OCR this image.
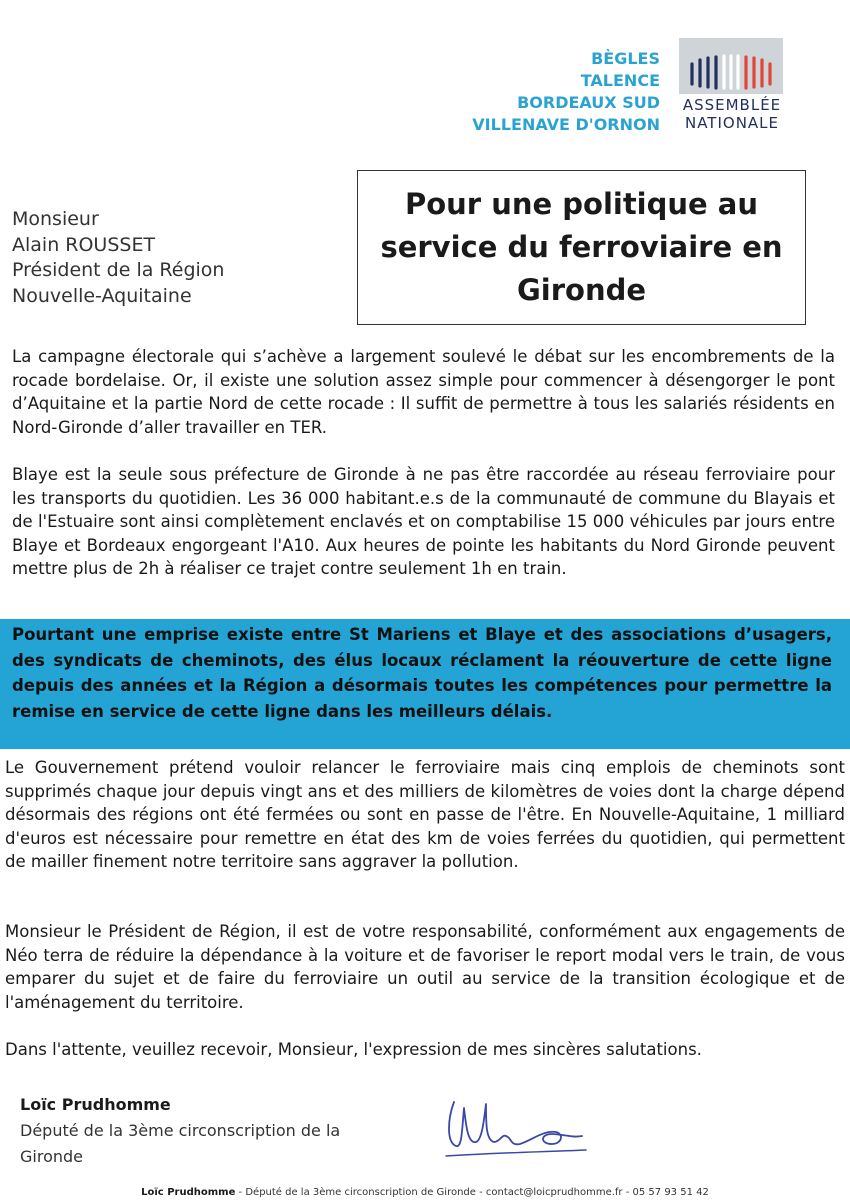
BÈGLES
TALENCE
BORDEAUX SUD
VILLENAVE D'ORNON
ASSEMBLÉE
NATIONALE
Monsieur
Alain ROUSSET
Président de la Région
Nouvelle-Aquitaine
Pour une politique au service du ferroviaire en Gironde

La campagne électorale qui s’achève a largement soulevé le débat sur les encombrements de la rocade bordelaise. Or, il existe une solution assez simple pour commencer à désengorger le pont d’Aquitaine et la partie Nord de cette rocade : Il suffit de permettre à tous les salariés résidents en Nord-Gironde d’aller travailler en TER.

Blaye est la seule sous préfecture de Gironde à ne pas être raccordée au réseau ferroviaire pour les transports du quotidien. Les 36 000 habitant.e.s de la communauté de commune du Blayais et de l'Estuaire sont ainsi complètement enclavés et on comptabilise 15 000 véhicules par jours entre Blaye et Bordeaux engorgeant l'A10. Aux heures de pointe les habitants du Nord Gironde peuvent mettre plus de 2h à réaliser ce trajet contre seulement 1h en train.

Pourtant une emprise existe entre St Mariens et Blaye et des associations d’usagers, des syndicats de cheminots, des élus locaux réclament la réouverture de cette ligne depuis des années et la Région a désormais toutes les compétences pour permettre la remise en service de cette ligne dans les meilleurs délais.

Le Gouvernement prétend vouloir relancer le ferroviaire mais cinq emplois de cheminots sont supprimés chaque jour depuis vingt ans et des milliers de kilomètres de voies dont la charge dépend désormais des régions ont été fermées ou sont en passe de l'être. En Nouvelle-Aquitaine, 1 milliard d'euros est nécessaire pour remettre en état des km de voies ferrées du quotidien, qui permettent de mailler finement notre territoire sans aggraver la pollution.

Monsieur le Président de Région, il est de votre responsabilité, conformément aux engagements de Néo terra de réduire la dépendance à la voiture et de favoriser le report modal vers le train, de vous emparer du sujet et de faire du ferroviaire un outil au service de la transition écologique et de l'aménagement du territoire.

Dans l'attente, veuillez recevoir, Monsieur, l'expression de mes sincères salutations.

Loïc Prudhomme
Député de la 3ème circonscription de la
Gironde
Loïc Prudhomme - Député de la 3ème circonscription de Gironde - contact@loicprudhomme.fr - 05 57 93 51 42
